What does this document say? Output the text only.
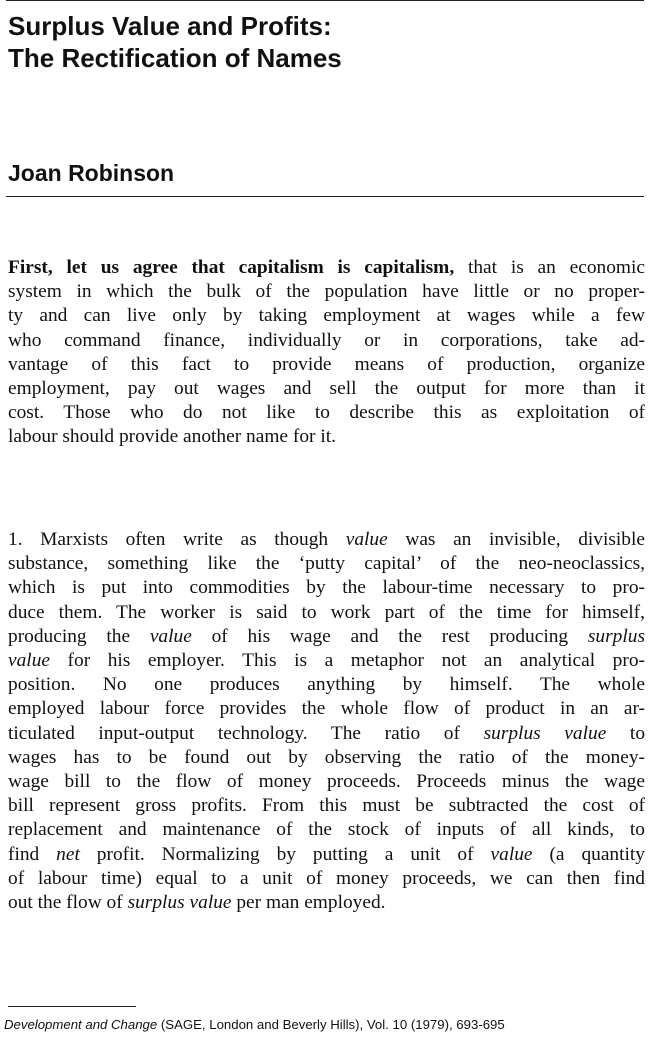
Surplus Value and Profits:
The Rectification of Names
Joan Robinson
First, let us agree that capitalism is capitalism, that is an economic
system in which the bulk of the population have little or no proper-
ty and can live only by taking employment at wages while a few
who command finance, individually or in corporations, take ad-
vantage of this fact to provide means of production, organize
employment, pay out wages and sell the output for more than it
cost. Those who do not like to describe this as exploitation of
labour should provide another name for it.
1. Marxists often write as though value was an invisible, divisible
substance, something like the ‘putty capital’ of the neo-neoclassics,
which is put into commodities by the labour-time necessary to pro-
duce them. The worker is said to work part of the time for himself,
producing the value of his wage and the rest producing surplus
value for his employer. This is a metaphor not an analytical pro-
position. No one produces anything by himself. The whole
employed labour force provides the whole flow of product in an ar-
ticulated input-output technology. The ratio of surplus value to
wages has to be found out by observing the ratio of the money-
wage bill to the flow of money proceeds. Proceeds minus the wage
bill represent gross profits. From this must be subtracted the cost of
replacement and maintenance of the stock of inputs of all kinds, to
find net profit. Normalizing by putting a unit of value (a quantity
of labour time) equal to a unit of money proceeds, we can then find
out the flow of surplus value per man employed.

Development and Change (SAGE, London and Beverly Hills), Vol. 10 (1979), 693-695
